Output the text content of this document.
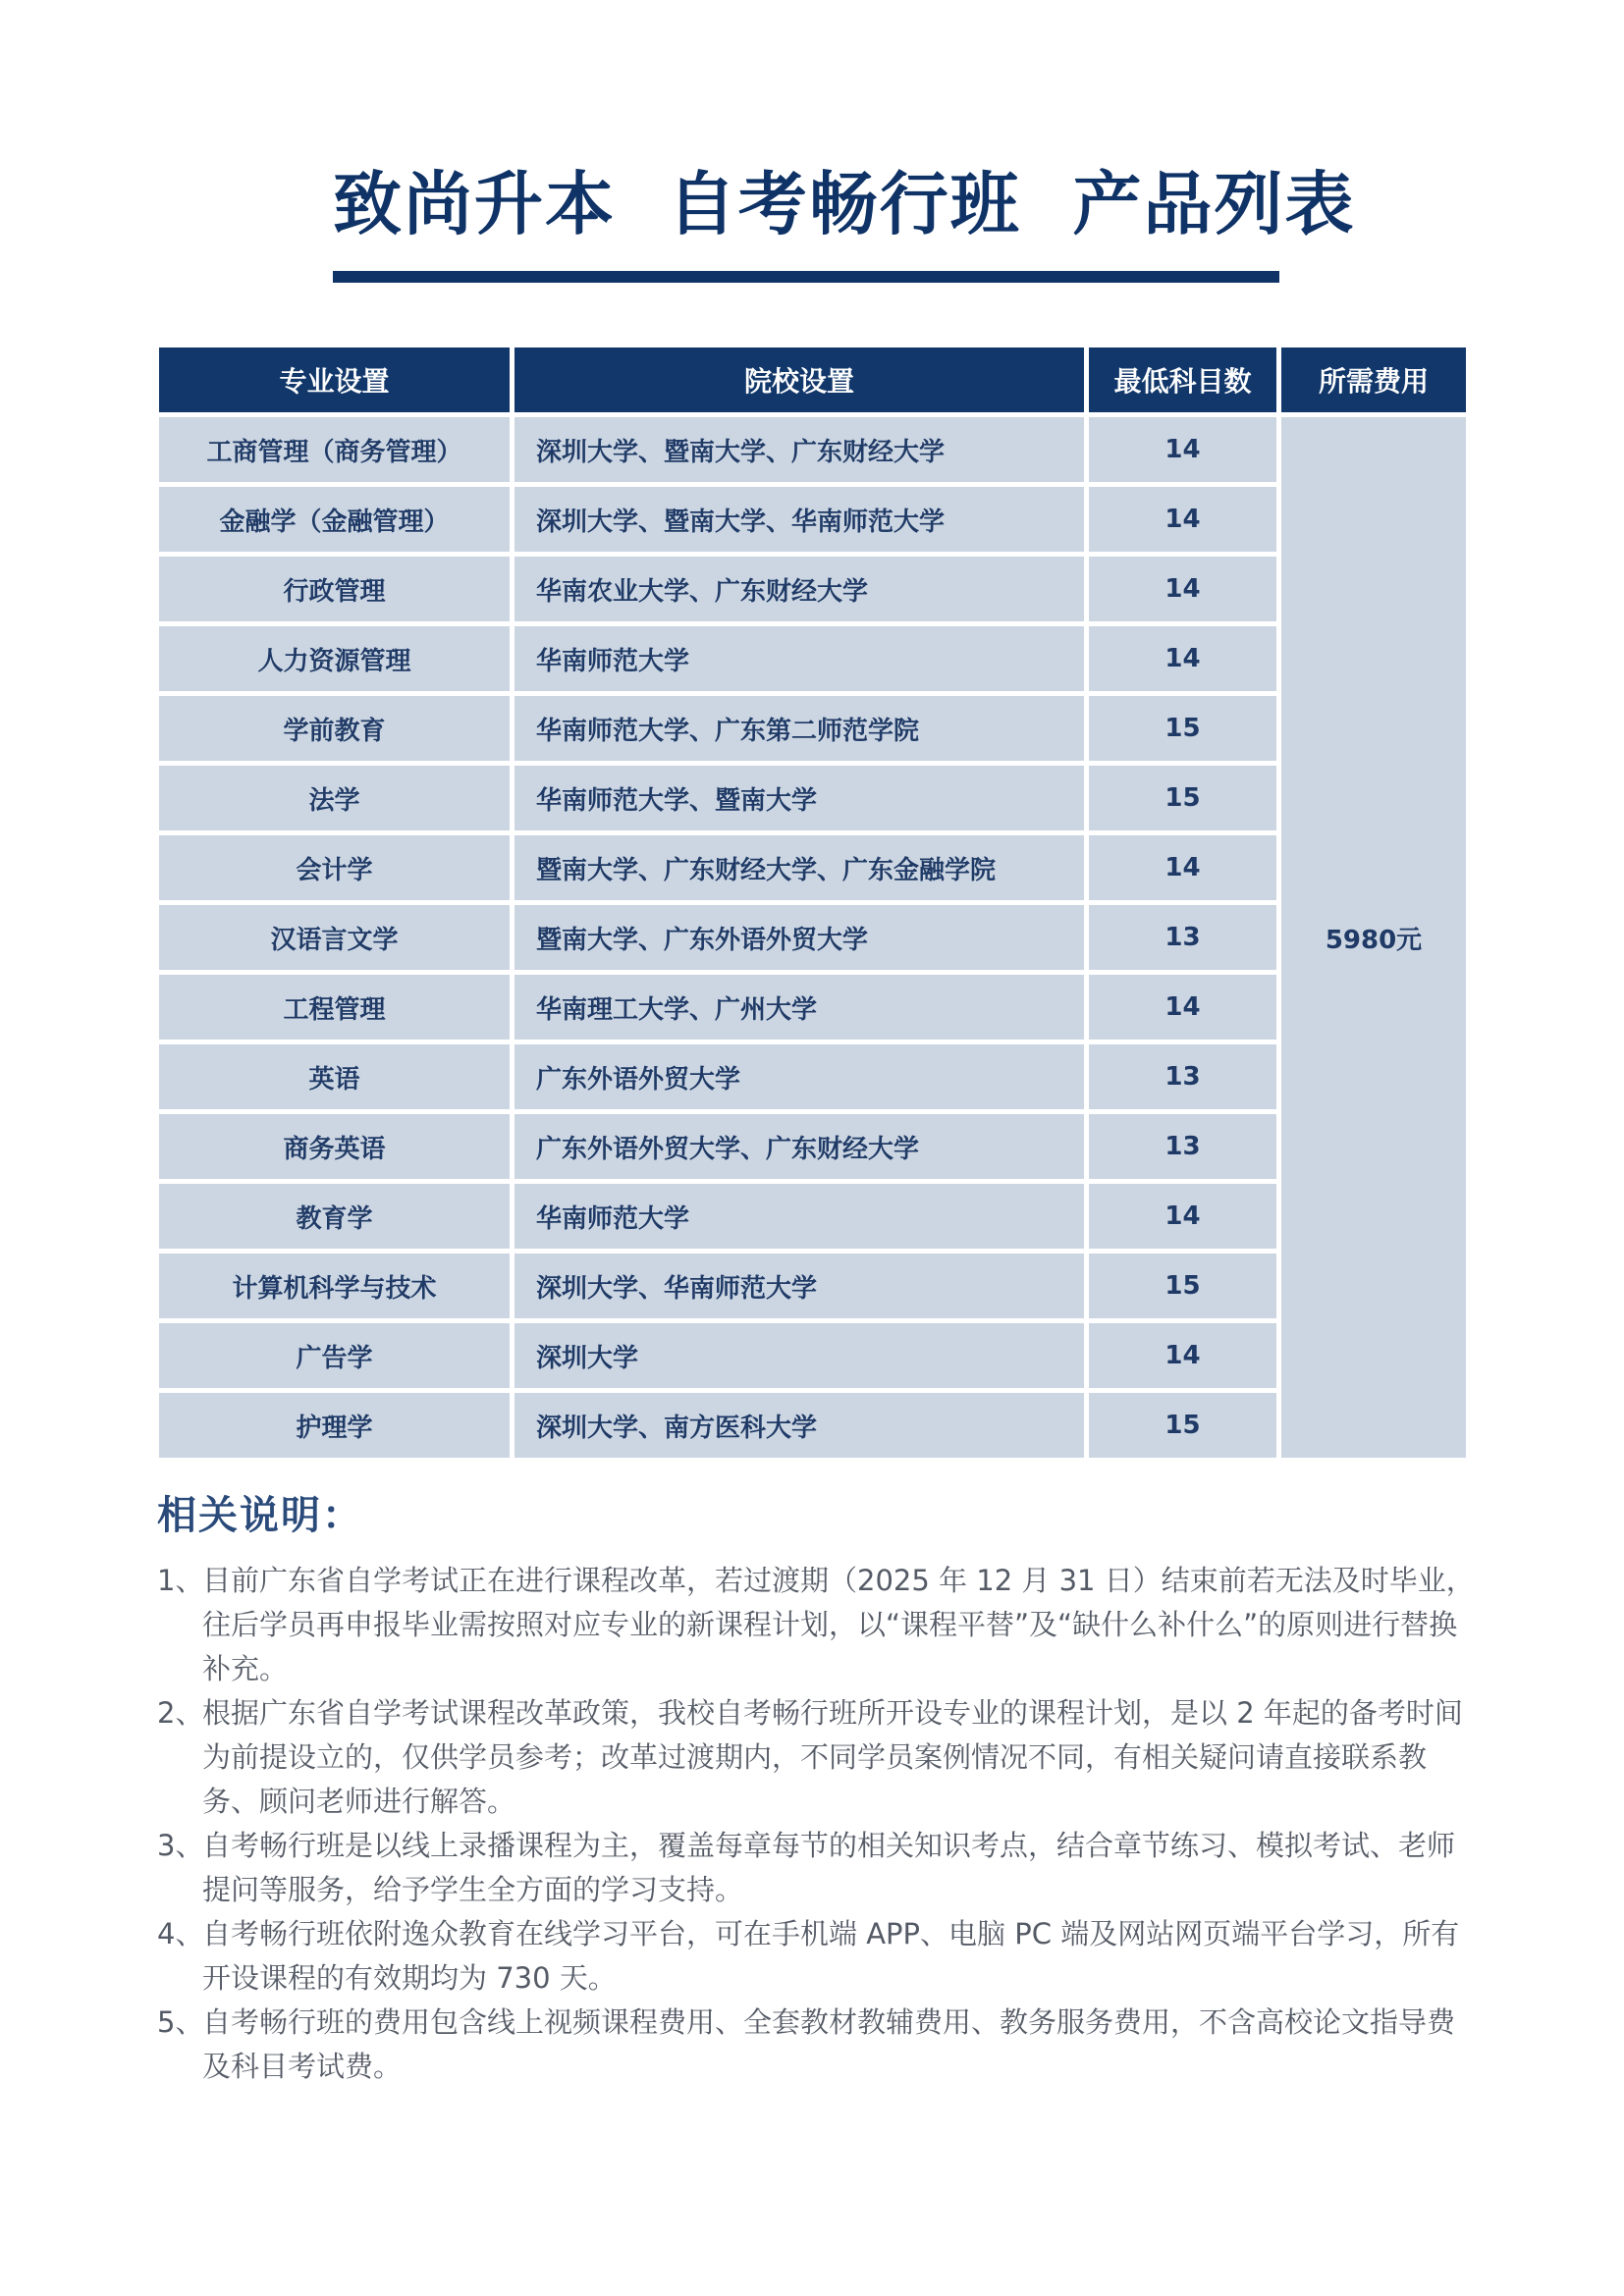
致尚升本  自考畅行班  产品列表
专业设置	院校设置	最低科目数	所需费用
工商管理（商务管理）	深圳大学、暨南大学、广东财经大学	14	5980元
金融学（金融管理）	深圳大学、暨南大学、华南师范大学	14	
行政管理	华南农业大学、广东财经大学	14	
人力资源管理	华南师范大学	14	
学前教育	华南师范大学、广东第二师范学院	15	
法学	华南师范大学、暨南大学	15	
会计学	暨南大学、广东财经大学、广东金融学院	14	
汉语言文学	暨南大学、广东外语外贸大学	13	
工程管理	华南理工大学、广州大学	14	
英语	广东外语外贸大学	13	
商务英语	广东外语外贸大学、广东财经大学	13	
教育学	华南师范大学	14	
计算机科学与技术	深圳大学、华南师范大学	15	
广告学	深圳大学	14	
护理学	深圳大学、南方医科大学	15	
相关说明：
1、
目前广东省自学考试正在进行课程改革，若过渡期（2025 年 12 月 31 日）结束前若无法及时毕业，往后学员再申报毕业需按照对应专业的新课程计划，以“课程平替”及“缺什么补什么”的原则进行替换补充。
2、
根据广东省自学考试课程改革政策，我校自考畅行班所开设专业的课程计划，是以 2 年起的备考时间为前提设立的，仅供学员参考；改革过渡期内，不同学员案例情况不同，有相关疑问请直接联系教务、顾问老师进行解答。
3、
自考畅行班是以线上录播课程为主，覆盖每章每节的相关知识考点，结合章节练习、模拟考试、老师提问等服务，给予学生全方面的学习支持。
4、
自考畅行班依附逸众教育在线学习平台，可在手机端 APP、电脑 PC 端及网站网页端平台学习，所有开设课程的有效期均为 730 天。
5、
自考畅行班的费用包含线上视频课程费用、全套教材教辅费用、教务服务费用，不含高校论文指导费及科目考试费。
